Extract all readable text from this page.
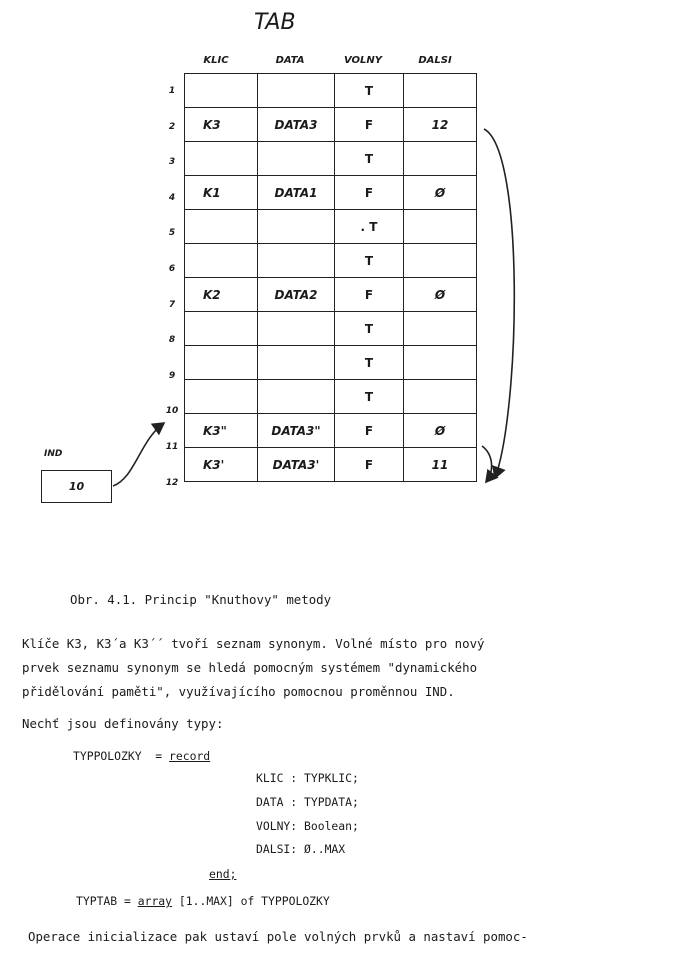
TAB
KLIC	DATA	VOLNY	DALSI
		T	
K3	DATA3	F	12
		T	
K1	DATA1	F	Ø
		. T	
		T	
K2	DATA2	F	Ø
		T	
		T	
		T	
K3"	DATA3"	F	Ø
K3'	DATA3'	F	11
1
2
3
4
5
6
7
8
9
10
11
12
IND
10
Obr. 4.1. Princip "Knuthovy" metody
Klíče K3, K3´a K3´´ tvoří seznam synonym. Volné místo pro nový
prvek seznamu synonym se hledá pomocným systémem "dynamického
přidělování paměti", využívajícího pomocnou proměnnou IND.
Nechť jsou definovány typy:
TYPPOLOZKY  = record
KLIC : TYPKLIC;
DATA : TYPDATA;
VOLNY: Boolean;
DALSI: Ø..MAX
end;
TYPTAB = array [1..MAX] of TYPPOLOZKY
Operace inicializace pak ustaví pole volných prvků a nastaví pomoc-
